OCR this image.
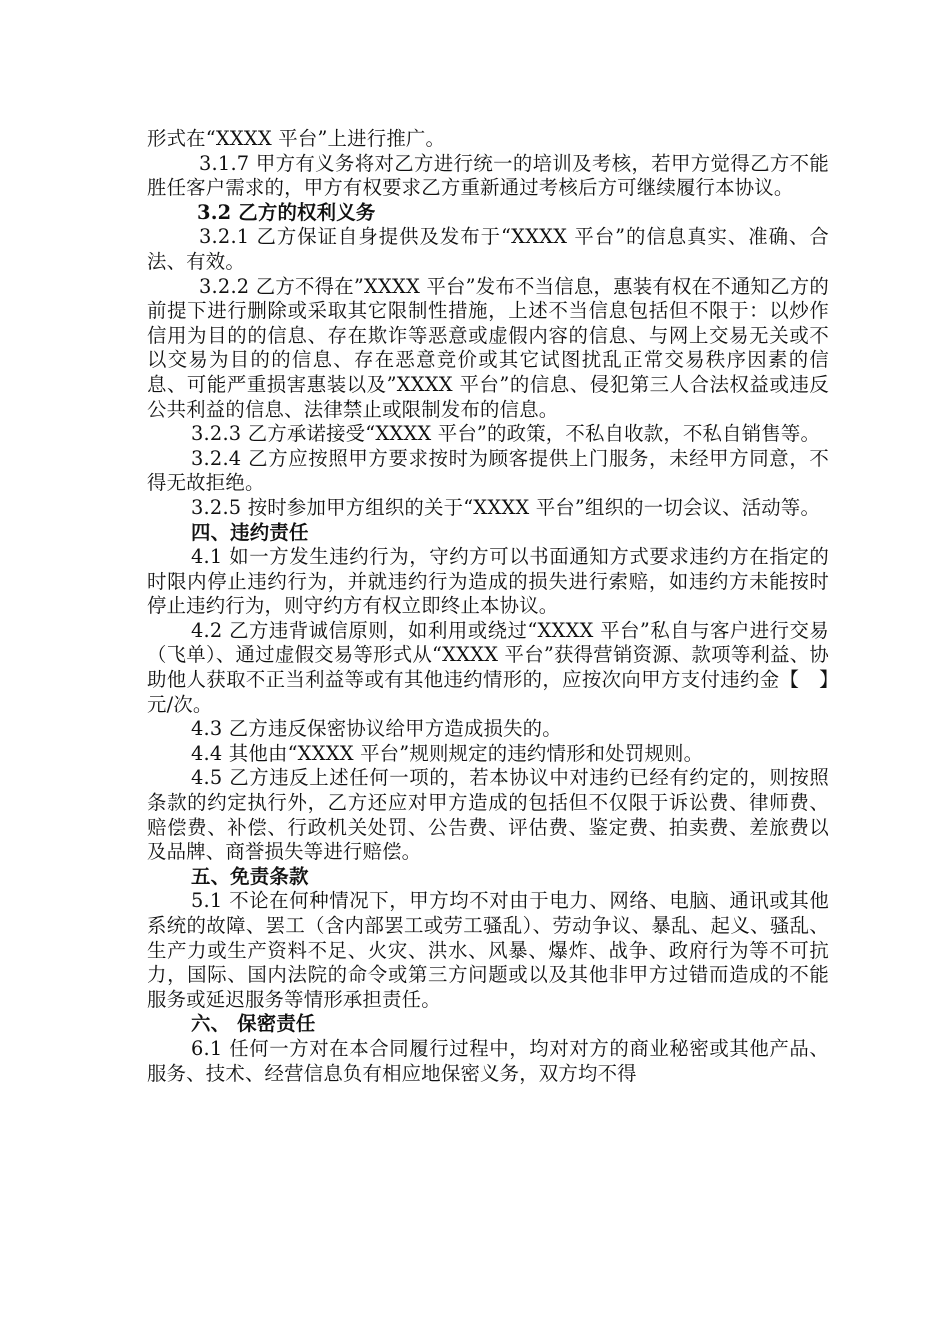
形式在“XXXX 平台”上进行推广。

3.1.7 甲方有义务将对乙方进行统一的培训及考核，若甲方觉得乙方不能胜任客户需求的，甲方有权要求乙方重新通过考核后方可继续履行本协议。

3.2 乙方的权利义务

3.2.1 乙方保证自身提供及发布于“XXXX 平台”的信息真实、准确、合法、有效。

3.2.2 乙方不得在”XXXX 平台”发布不当信息，惠装有权在不通知乙方的前提下进行删除或采取其它限制性措施，上述不当信息包括但不限于：以炒作信用为目的的信息、存在欺诈等恶意或虚假内容的信息、与网上交易无关或不以交易为目的的信息、存在恶意竞价或其它试图扰乱正常交易秩序因素的信息、可能严重损害惠装以及”XXXX 平台”的信息、侵犯第三人合法权益或违反公共利益的信息、法律禁止或限制发布的信息。

3.2.3 乙方承诺接受“XXXX 平台”的政策，不私自收款，不私自销售等。

3.2.4 乙方应按照甲方要求按时为顾客提供上门服务，未经甲方同意，不得无故拒绝。

3.2.5 按时参加甲方组织的关于“XXXX 平台”组织的一切会议、活动等。

四、违约责任

4.1 如一方发生违约行为，守约方可以书面通知方式要求违约方在指定的时限内停止违约行为，并就违约行为造成的损失进行索赔，如违约方未能按时停止违约行为，则守约方有权立即终止本协议。

4.2 乙方违背诚信原则，如利用或绕过“XXXX 平台”私自与客户进行交易（飞单）、通过虚假交易等形式从“XXXX 平台”获得营销资源、款项等利益、协助他人获取不正当利益等或有其他违约情形的，应按次向甲方支付违约金【　】元/次。

4.3 乙方违反保密协议给甲方造成损失的。

4.4 其他由“XXXX 平台”规则规定的违约情形和处罚规则。

4.5 乙方违反上述任何一项的，若本协议中对违约已经有约定的，则按照条款的约定执行外，乙方还应对甲方造成的包括但不仅限于诉讼费、律师费、赔偿费、补偿、行政机关处罚、公告费、评估费、鉴定费、拍卖费、差旅费以及品牌、商誉损失等进行赔偿。

五、免责条款

5.1 不论在何种情况下，甲方均不对由于电力、网络、电脑、通讯或其他系统的故障、罢工（含内部罢工或劳工骚乱）、劳动争议、暴乱、起义、骚乱、生产力或生产资料不足、火灾、洪水、风暴、爆炸、战争、政府行为等不可抗力，国际、国内法院的命令或第三方问题或以及其他非甲方过错而造成的不能服务或延迟服务等情形承担责任。

六、 保密责任

6.1 任何一方对在本合同履行过程中，均对对方的商业秘密或其他产品、服务、技术、经营信息负有相应地保密义务，双方均不得
